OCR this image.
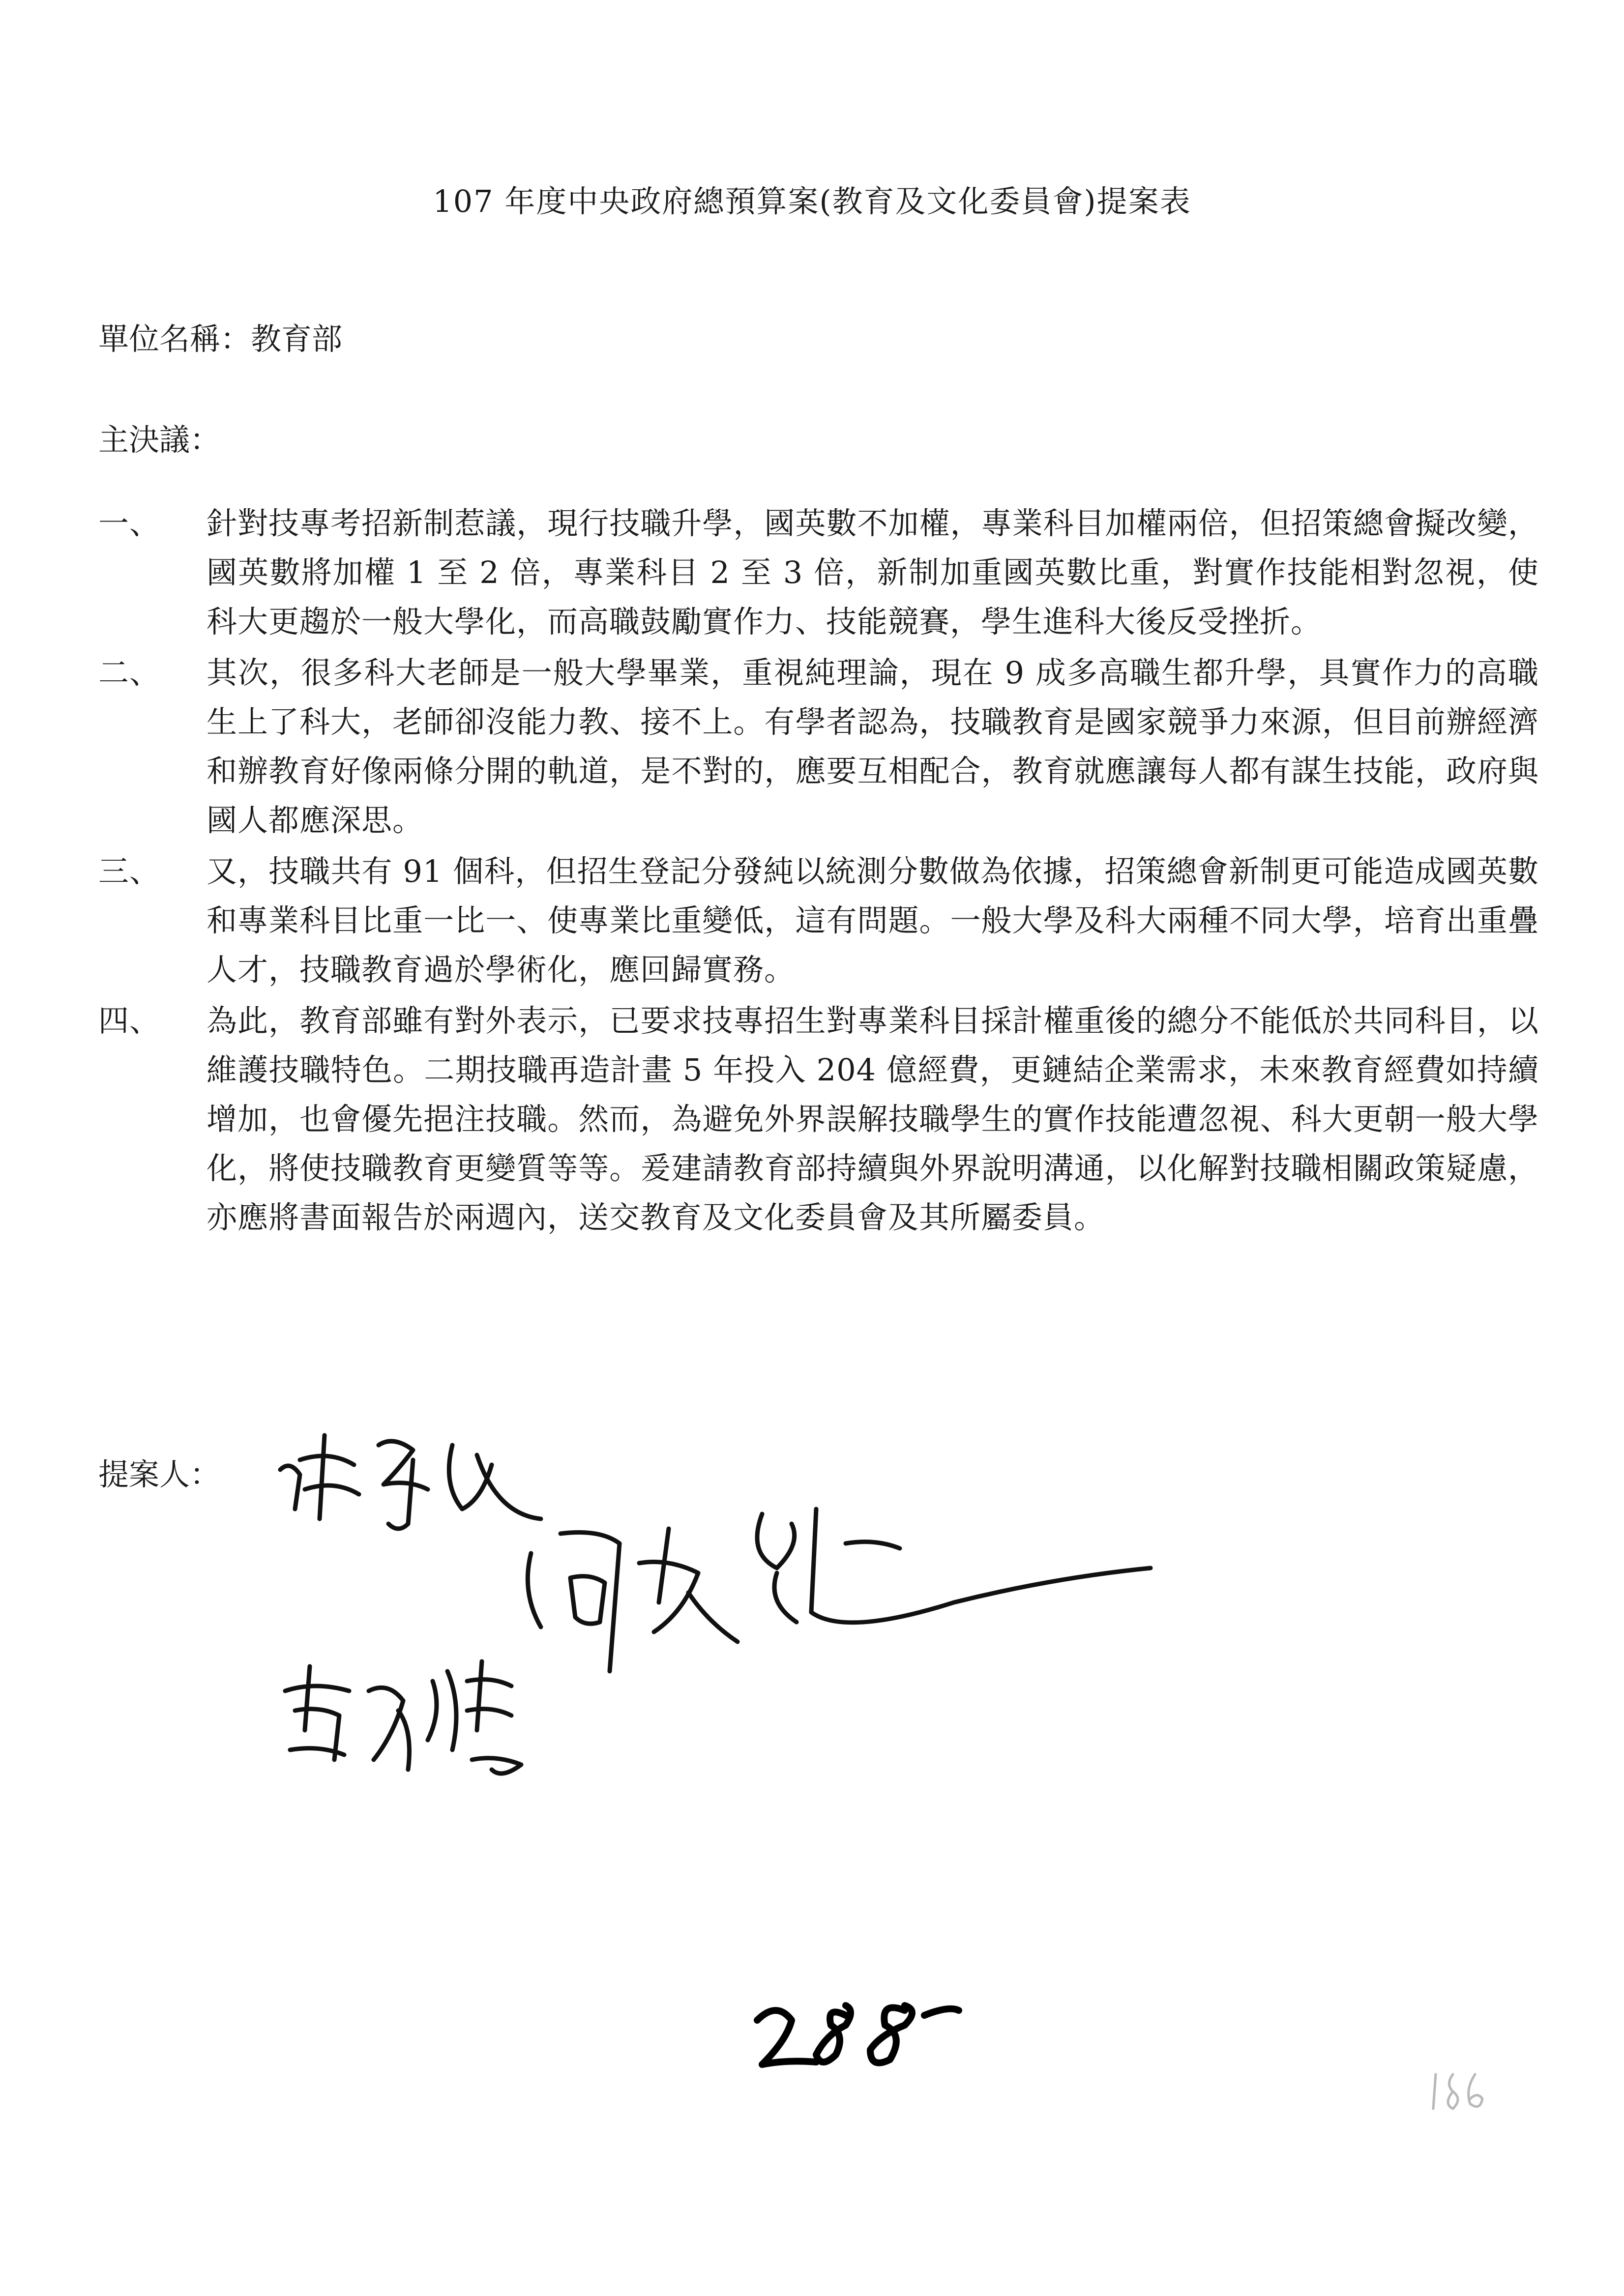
107 年度中央政府總預算案(教育及文化委員會)提案表
單位名稱：教育部
主決議：
一、	針對技專考招新制惹議，現行技職升學，國英數不加權，專業科目加權兩倍，但招策總會擬改變，國英數將加權 1 至 2 倍，專業科目 2 至 3 倍，新制加重國英數比重，對實作技能相對忽視，使科大更趨於一般大學化，而高職鼓勵實作力、技能競賽，學生進科大後反受挫折。
二、	其次，很多科大老師是一般大學畢業，重視純理論，現在 9 成多高職生都升學，具實作力的高職生上了科大，老師卻沒能力教、接不上。有學者認為，技職教育是國家競爭力來源，但目前辦經濟和辦教育好像兩條分開的軌道，是不對的，應要互相配合，教育就應讓每人都有謀生技能，政府與國人都應深思。
三、	又，技職共有 91 個科，但招生登記分發純以統測分數做為依據，招策總會新制更可能造成國英數和專業科目比重一比一、使專業比重變低，這有問題。一般大學及科大兩種不同大學，培育出重疊人才，技職教育過於學術化，應回歸實務。
四、	為此，教育部雖有對外表示，已要求技專招生對專業科目採計權重後的總分不能低於共同科目，以維護技職特色。二期技職再造計畫 5 年投入 204 億經費，更鏈結企業需求，未來教育經費如持續增加，也會優先挹注技職。然而，為避免外界誤解技職學生的實作技能遭忽視、科大更朝一般大學化，將使技職教育更變質等等。爰建請教育部持續與外界說明溝通，以化解對技職相關政策疑慮，亦應將書面報告於兩週內，送交教育及文化委員會及其所屬委員。
提案人：
